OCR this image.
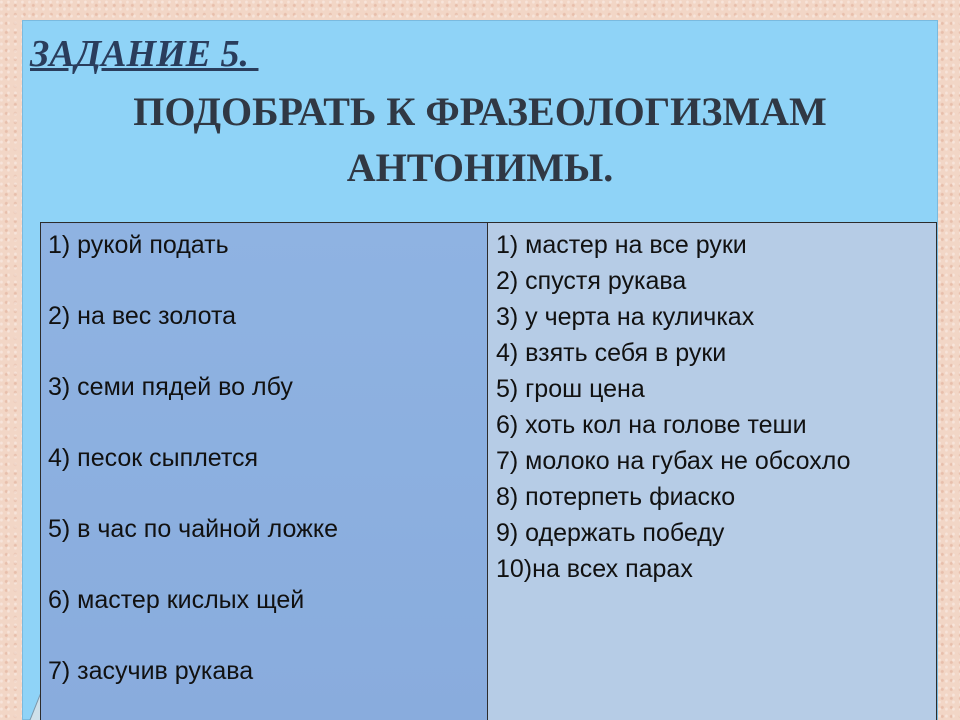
ЗАДАНИЕ 5.
ПОДОБРАТЬ К ФРАЗЕОЛОГИЗМАМ
АНТОНИМЫ.
1) рукой подать
2) на вес золота
3) семи пядей во лбу
4) песок сыплется
5) в час по чайной ложке
6) мастер кислых щей
7) засучив рукава

1) мастер на все руки
2) спустя рукава
3) у черта на куличках
4) взять себя в руки
5) грош цена
6) хоть кол на голове теши
7) молоко на губах не обсохло
8) потерпеть фиаско
9) одержать победу
10)на всех парах
